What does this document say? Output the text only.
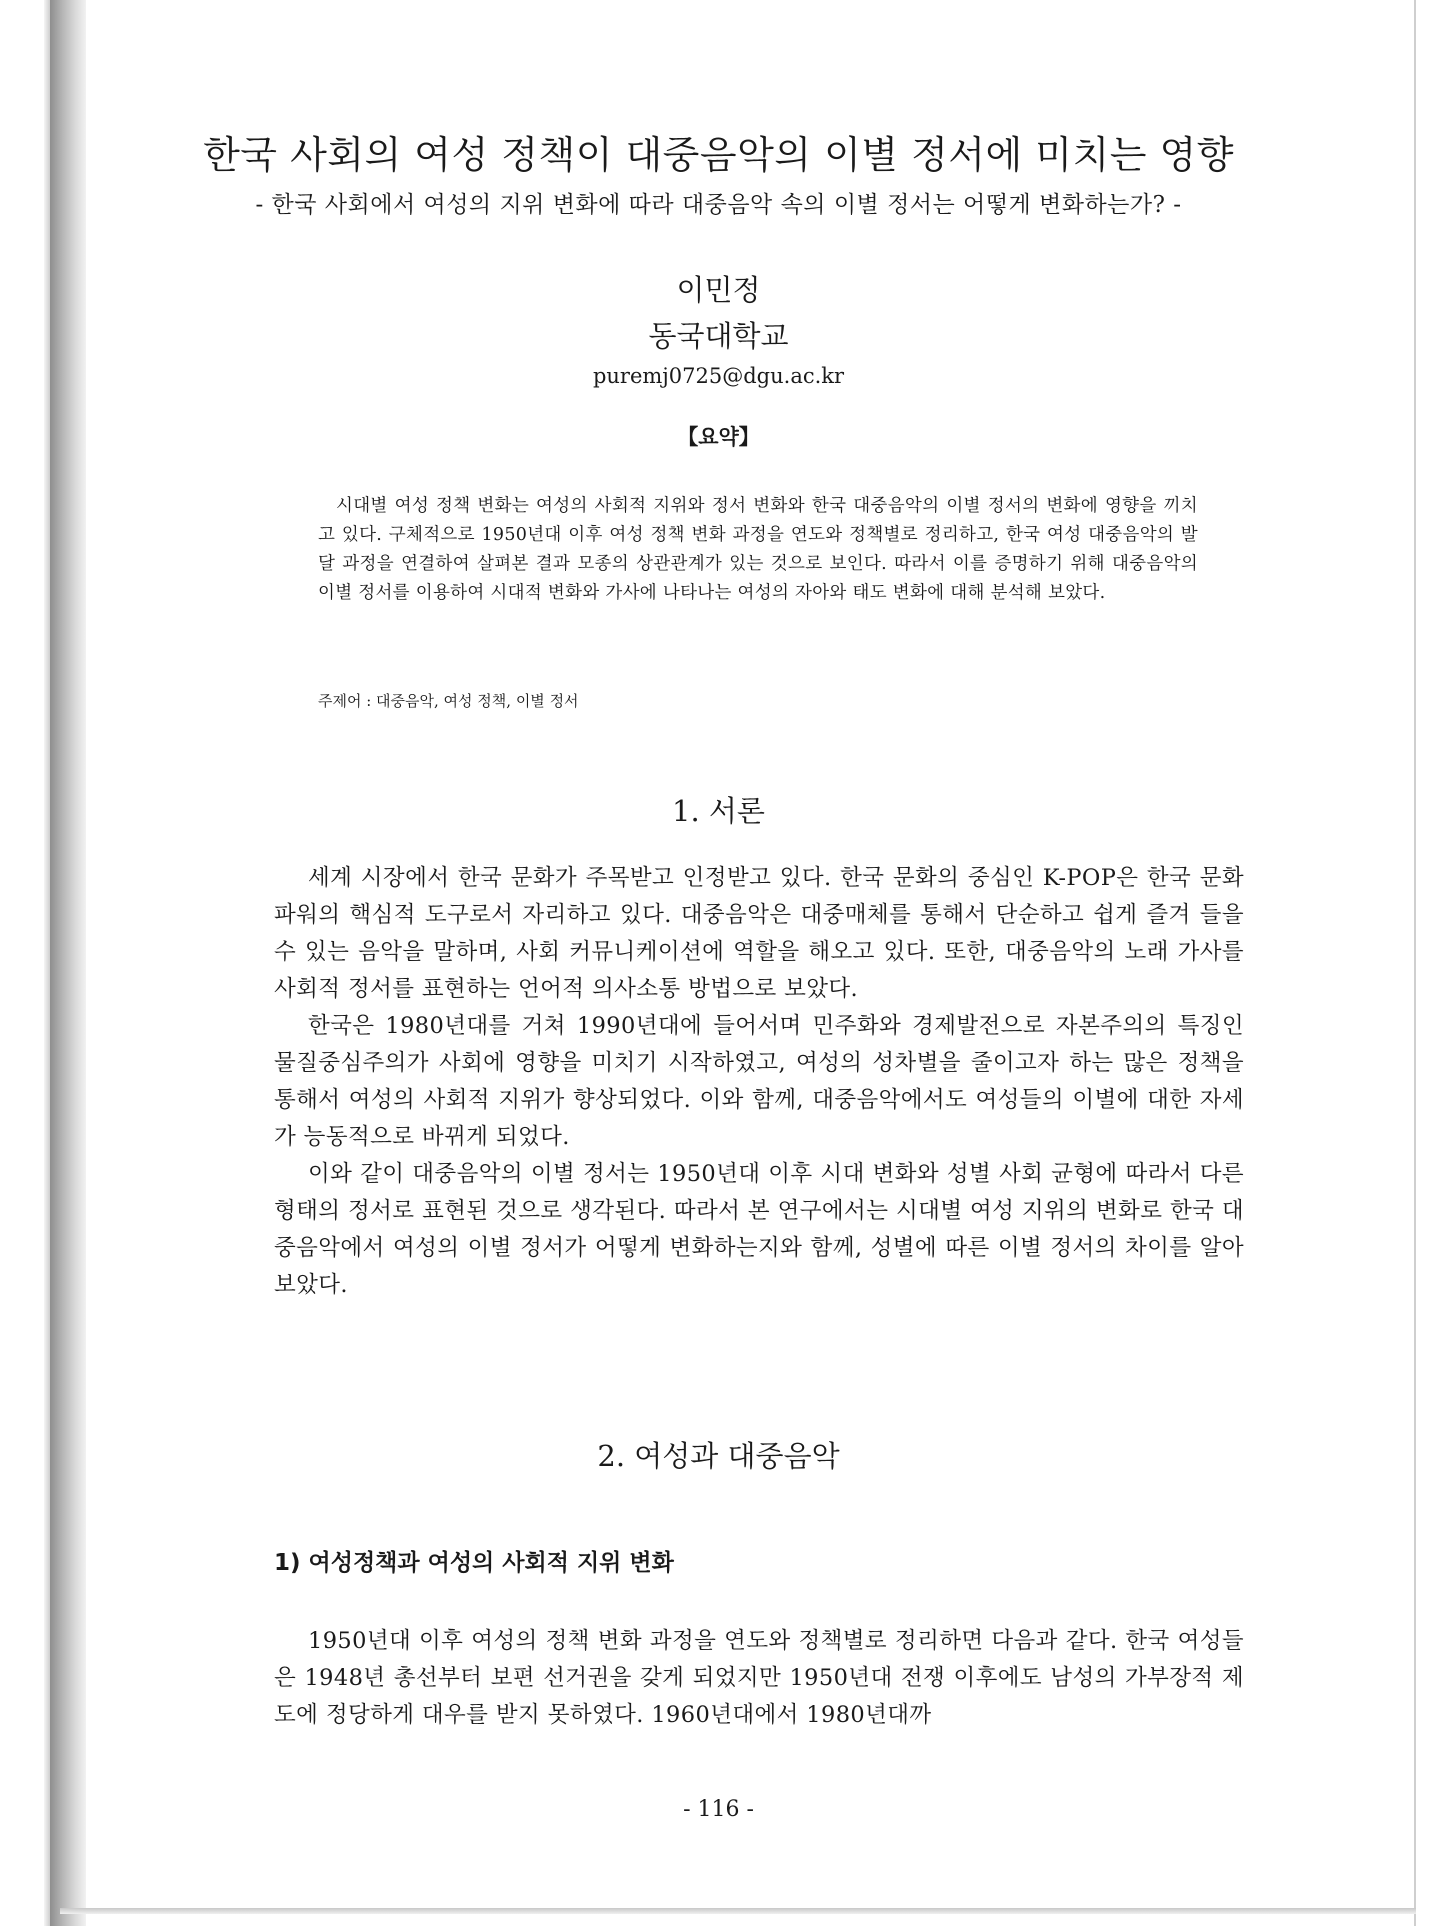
한국 사회의 여성 정책이 대중음악의 이별 정서에 미치는 영향
- 한국 사회에서 여성의 지위 변화에 따라 대중음악 속의 이별 정서는 어떻게 변화하는가? -
이민정
동국대학교
puremj0725@dgu.ac.kr
【요약】

시대별 여성 정책 변화는 여성의 사회적 지위와 정서 변화와 한국 대중음악의 이별 정서의 변화에 영향을 끼치고 있다. 구체적으로 1950년대 이후 여성 정책 변화 과정을 연도와 정책별로 정리하고, 한국 여성 대중음악의 발달 과정을 연결하여 살펴본 결과 모종의 상관관계가 있는 것으로 보인다. 따라서 이를 증명하기 위해 대중음악의 이별 정서를 이용하여 시대적 변화와 가사에 나타나는 여성의 자아와 태도 변화에 대해 분석해 보았다.

주제어 : 대중음악, 여성 정책, 이별 정서
1. 서론

세계 시장에서 한국 문화가 주목받고 인정받고 있다. 한국 문화의 중심인 K-POP은 한국 문화 파워의 핵심적 도구로서 자리하고 있다. 대중음악은 대중매체를 통해서 단순하고 쉽게 즐겨 들을 수 있는 음악을 말하며, 사회 커뮤니케이션에 역할을 해오고 있다. 또한, 대중음악의 노래 가사를 사회적 정서를 표현하는 언어적 의사소통 방법으로 보았다.

한국은 1980년대를 거쳐 1990년대에 들어서며 민주화와 경제발전으로 자본주의의 특징인 물질중심주의가 사회에 영향을 미치기 시작하였고, 여성의 성차별을 줄이고자 하는 많은 정책을 통해서 여성의 사회적 지위가 향상되었다. 이와 함께, 대중음악에서도 여성들의 이별에 대한 자세가 능동적으로 바뀌게 되었다.

이와 같이 대중음악의 이별 정서는 1950년대 이후 시대 변화와 성별 사회 균형에 따라서 다른 형태의 정서로 표현된 것으로 생각된다. 따라서 본 연구에서는 시대별 여성 지위의 변화로 한국 대중음악에서 여성의 이별 정서가 어떻게 변화하는지와 함께, 성별에 따른 이별 정서의 차이를 알아보았다.

2. 여성과 대중음악
1) 여성정책과 여성의 사회적 지위 변화

1950년대 이후 여성의 정책 변화 과정을 연도와 정책별로 정리하면 다음과 같다. 한국 여성들은 1948년 총선부터 보편 선거권을 갖게 되었지만 1950년대 전쟁 이후에도 남성의 가부장적 제도에 정당하게 대우를 받지 못하였다. 1960년대에서 1980년대까

- 116 -
